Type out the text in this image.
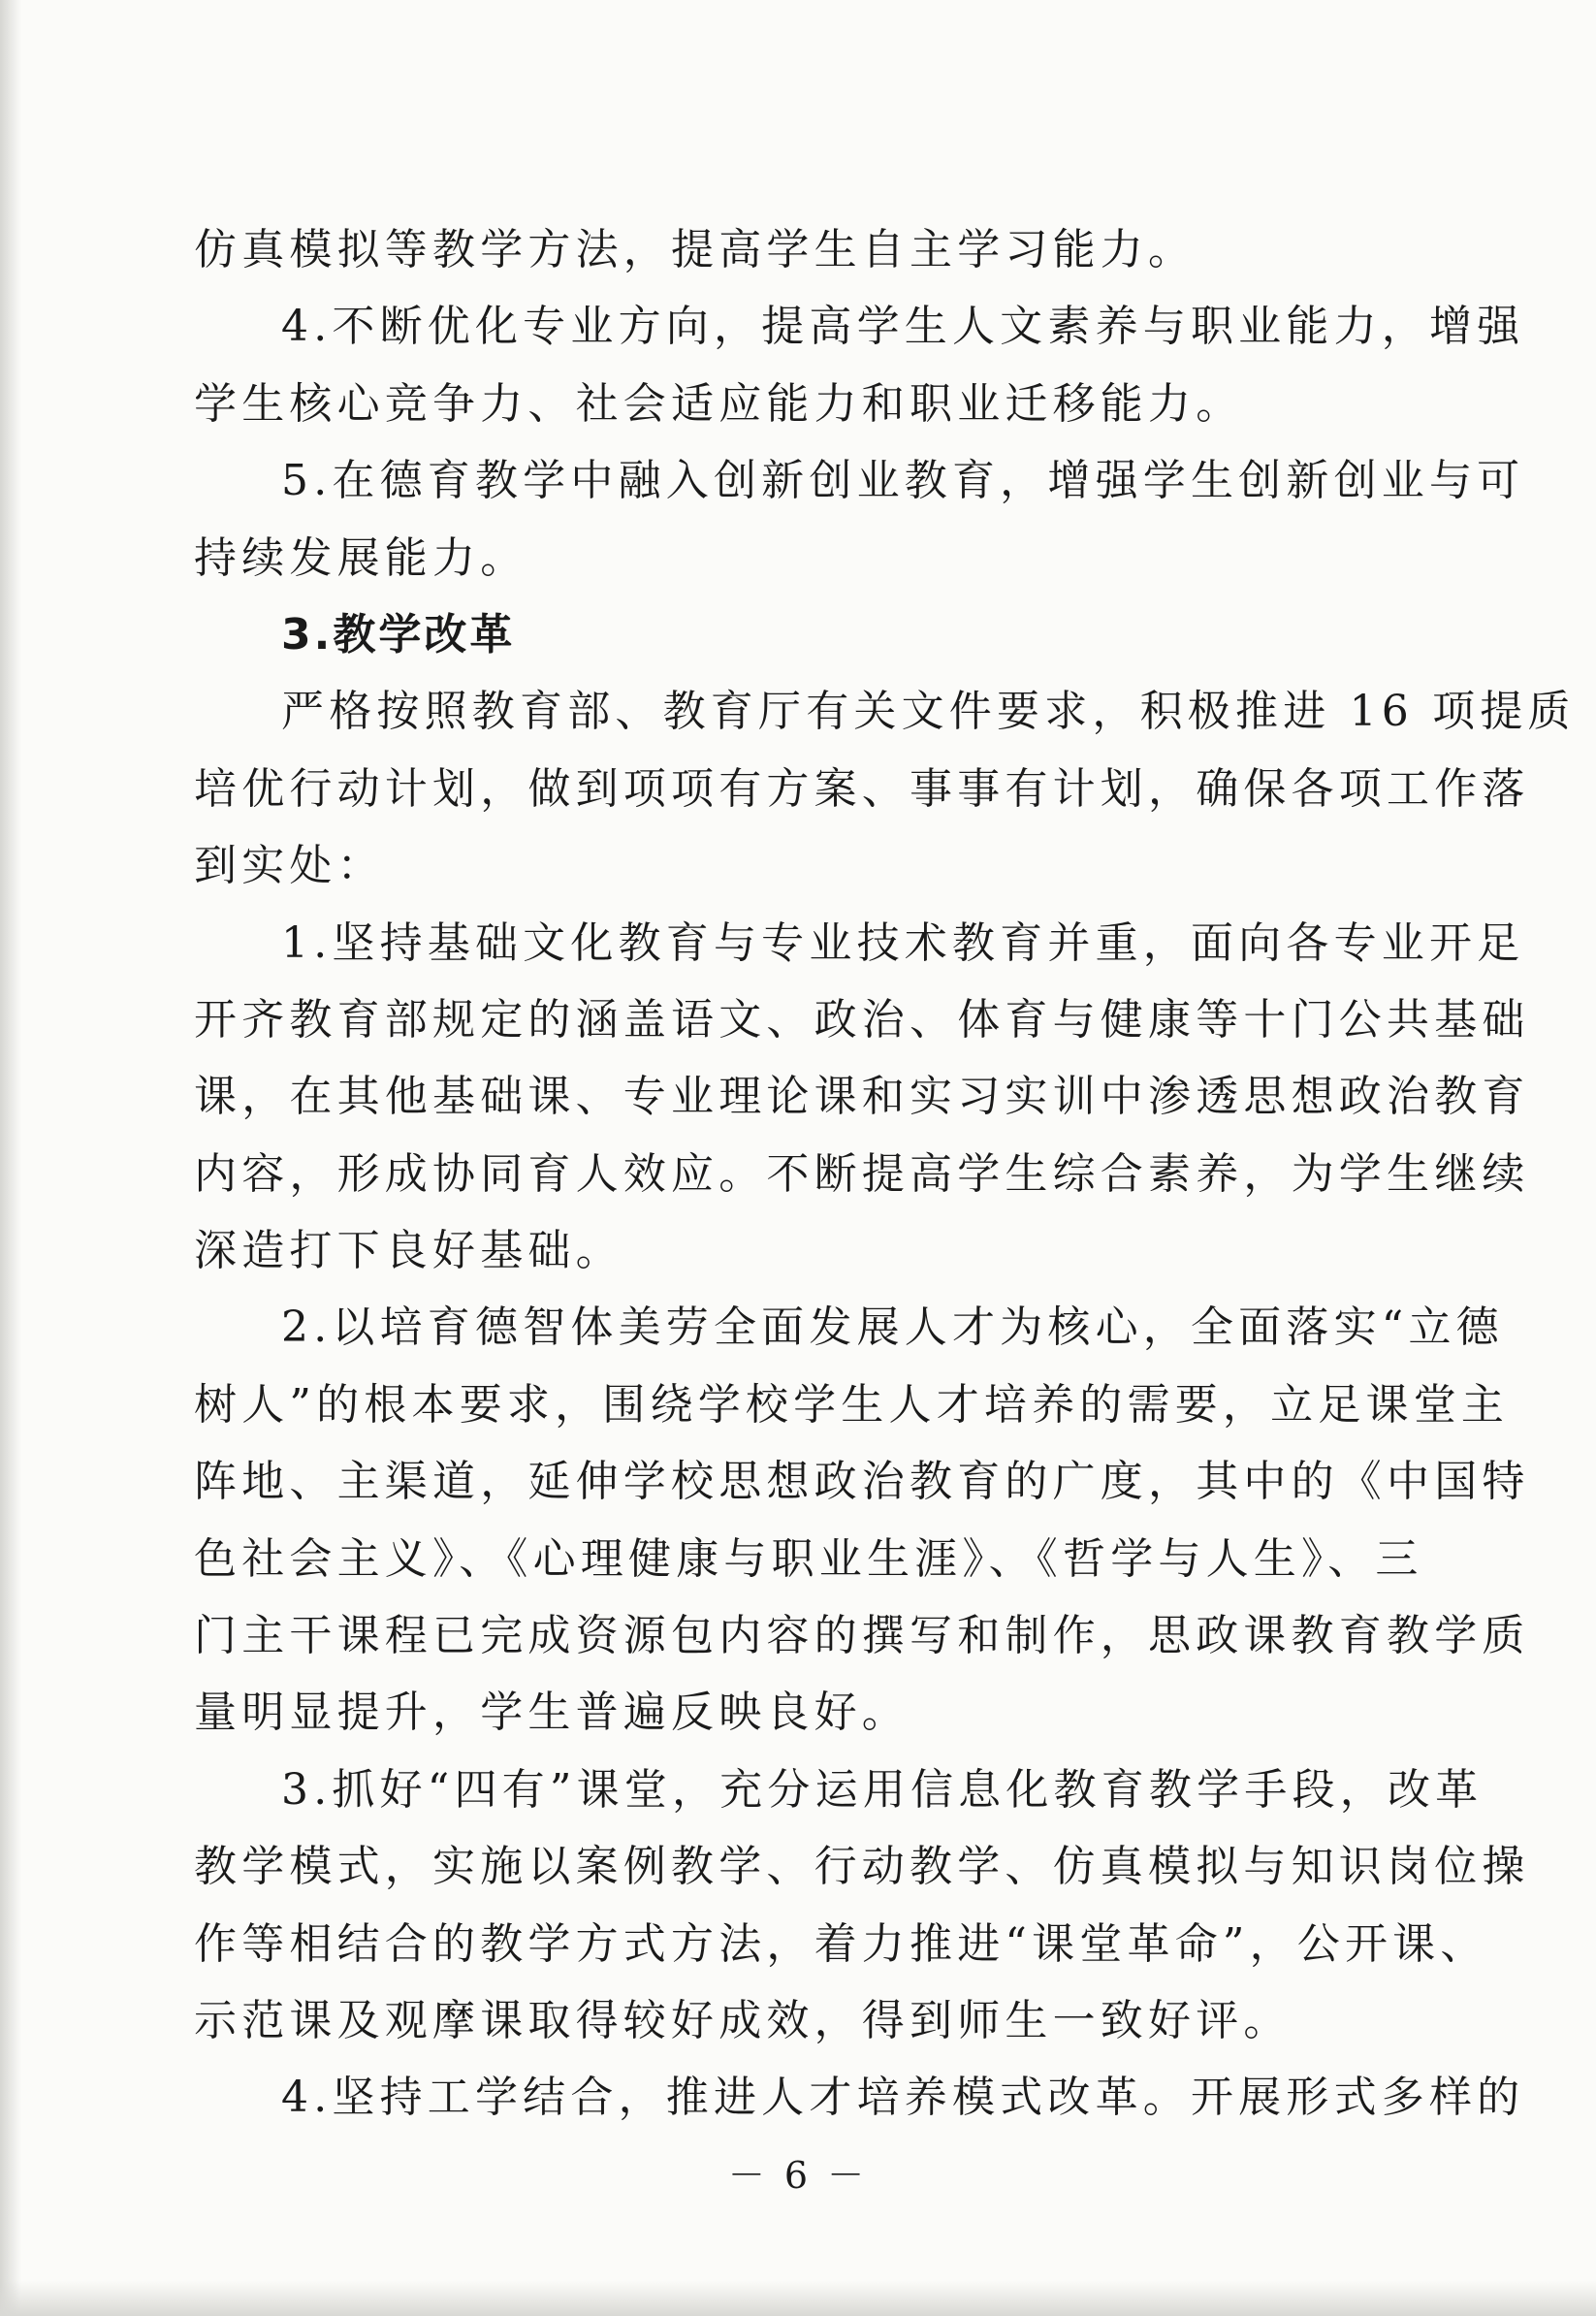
仿真模拟等教学方法，提高学生自主学习能力。
4.不断优化专业方向，提高学生人文素养与职业能力，增强
学生核心竞争力、社会适应能力和职业迁移能力。
5.在德育教学中融入创新创业教育，增强学生创新创业与可
持续发展能力。
3.教学改革
严格按照教育部、教育厅有关文件要求，积极推进 16 项提质
培优行动计划，做到项项有方案、事事有计划，确保各项工作落
到实处：
1.坚持基础文化教育与专业技术教育并重，面向各专业开足
开齐教育部规定的涵盖语文、政治、体育与健康等十门公共基础
课，在其他基础课、专业理论课和实习实训中渗透思想政治教育
内容，形成协同育人效应。不断提高学生综合素养，为学生继续
深造打下良好基础。
2.以培育德智体美劳全面发展人才为核心，全面落实“立德
树人”的根本要求，围绕学校学生人才培养的需要，立足课堂主
阵地、主渠道，延伸学校思想政治教育的广度，其中的《中国特
色社会主义》、《心理健康与职业生涯》、《哲学与人生》、三
门主干课程已完成资源包内容的撰写和制作，思政课教育教学质
量明显提升，学生普遍反映良好。
3.抓好“四有”课堂，充分运用信息化教育教学手段，改革
教学模式，实施以案例教学、行动教学、仿真模拟与知识岗位操
作等相结合的教学方式方法，着力推进“课堂革命”，公开课、
示范课及观摩课取得较好成效，得到师生一致好评。
4.坚持工学结合，推进人才培养模式改革。开展形式多样的
－ 6 －
